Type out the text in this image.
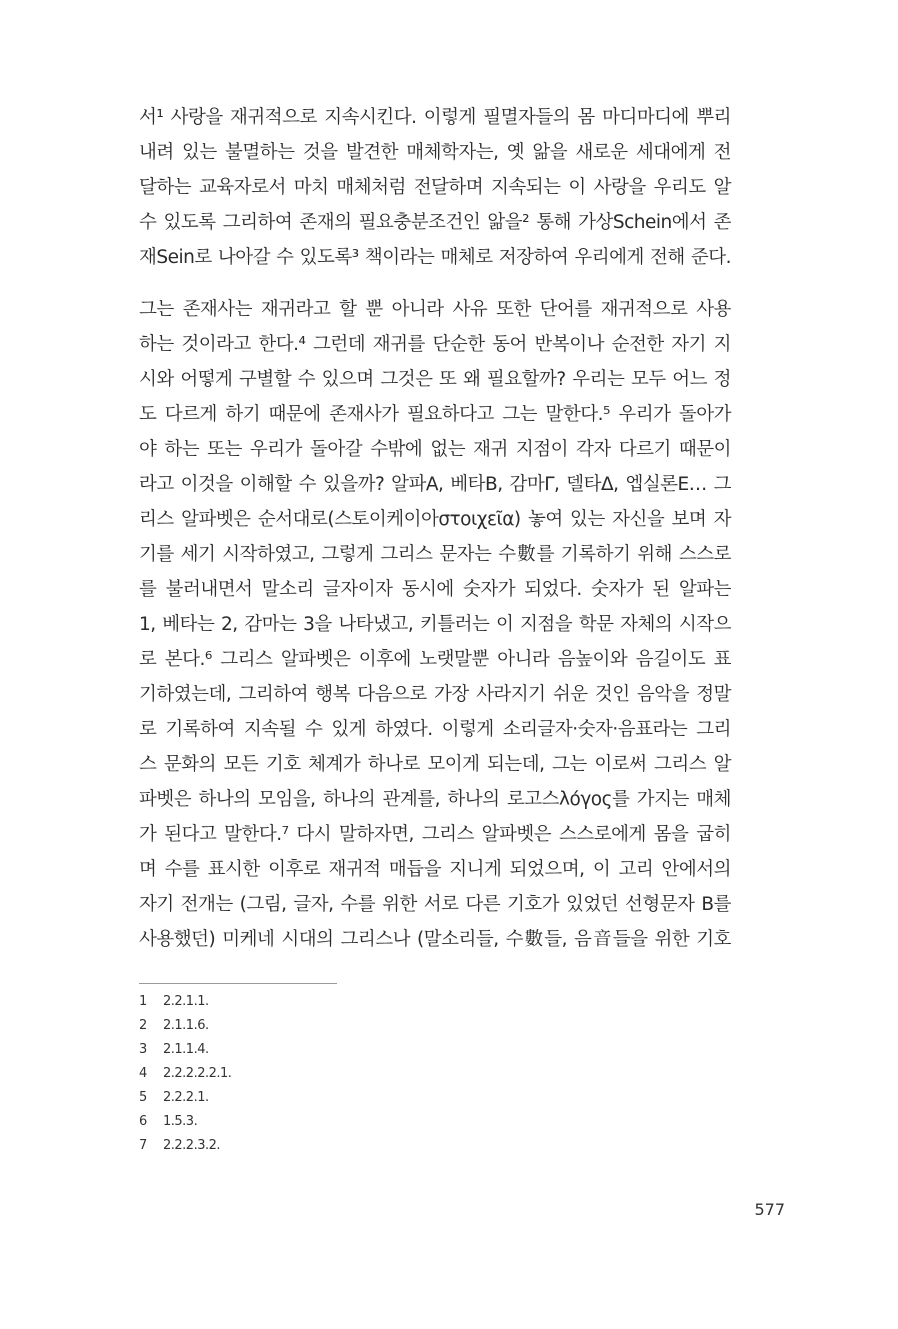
서¹ 사랑을 재귀적으로 지속시킨다. 이렇게 필멸자들의 몸 마디마디에 뿌리
내려 있는 불멸하는 것을 발견한 매체학자는, 옛 앎을 새로운 세대에게 전
달하는 교육자로서 마치 매체처럼 전달하며 지속되는 이 사랑을 우리도 알
수 있도록 그리하여 존재의 필요충분조건인 앎을² 통해 가상Schein에서 존
재Sein로 나아갈 수 있도록³ 책이라는 매체로 저장하여 우리에게 전해 준다.
그는 존재사는 재귀라고 할 뿐 아니라 사유 또한 단어를 재귀적으로 사용
하는 것이라고 한다.⁴ 그런데 재귀를 단순한 동어 반복이나 순전한 자기 지
시와 어떻게 구별할 수 있으며 그것은 또 왜 필요할까? 우리는 모두 어느 정
도 다르게 하기 때문에 존재사가 필요하다고 그는 말한다.⁵ 우리가 돌아가
야 하는 또는 우리가 돌아갈 수밖에 없는 재귀 지점이 각자 다르기 때문이
라고 이것을 이해할 수 있을까? 알파Α, 베타Β, 감마Γ, 델타Δ, 엡실론Ε… 그
리스 알파벳은 순서대로(스토이케이아στοιχεῖα) 놓여 있는 자신을 보며 자
기를 세기 시작하였고, 그렇게 그리스 문자는 수數를 기록하기 위해 스스로
를 불러내면서 말소리 글자이자 동시에 숫자가 되었다. 숫자가 된 알파는
1, 베타는 2, 감마는 3을 나타냈고, 키틀러는 이 지점을 학문 자체의 시작으
로 본다.⁶ 그리스 알파벳은 이후에 노랫말뿐 아니라 음높이와 음길이도 표
기하였는데, 그리하여 행복 다음으로 가장 사라지기 쉬운 것인 음악을 정말
로 기록하여 지속될 수 있게 하였다. 이렇게 소리글자·숫자·음표라는 그리
스 문화의 모든 기호 체계가 하나로 모이게 되는데, 그는 이로써 그리스 알
파벳은 하나의 모임을, 하나의 관계를, 하나의 로고스λόγος를 가지는 매체
가 된다고 말한다.⁷ 다시 말하자면, 그리스 알파벳은 스스로에게 몸을 굽히
며 수를 표시한 이후로 재귀적 매듭을 지니게 되었으며, 이 고리 안에서의
자기 전개는 (그림, 글자, 수를 위한 서로 다른 기호가 있었던 선형문자 B를
사용했던) 미케네 시대의 그리스나 (말소리들, 수數들, 음音들을 위한 기호
1 2.2.1.1.
2 2.1.1.6.
3 2.1.1.4.
4 2.2.2.2.2.1.
5 2.2.2.1.
6 1.5.3.
7 2.2.2.3.2.
577
